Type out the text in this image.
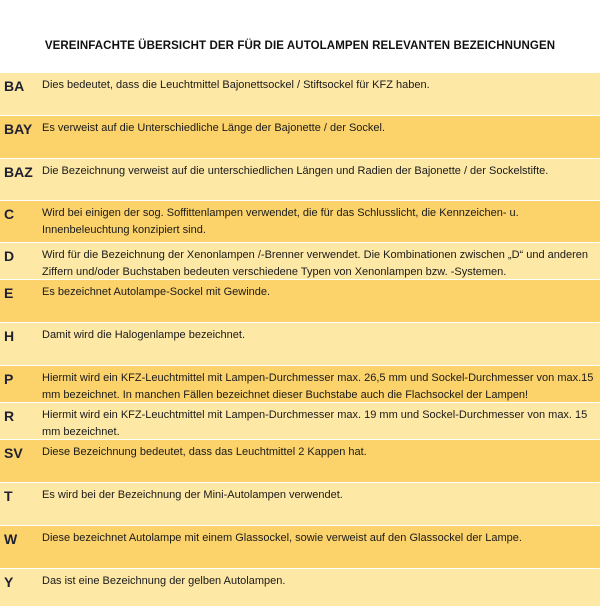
VEREINFACHTE ÜBERSICHT DER FÜR DIE AUTOLAMPEN RELEVANTEN BEZEICHNUNGEN
BA	Dies bedeutet, dass die Leuchtmittel Bajonettsockel / Stiftsockel für KFZ haben.
BAY Es verweist auf die Unterschiedliche Länge der Bajonette / der Sockel.
BAZ Die Bezeichnung verweist auf die unterschiedlichen Längen und Radien der Bajonette / der Sockelstifte.
C	Wird bei einigen der sog. Soffittenlampen verwendet, die für das Schlusslicht, die Kennzeichen- u. Innenbeleuchtung konzipiert sind.
D	Wird für die Bezeichnung der Xenonlampen /-Brenner verwendet. Die Kombinationen zwischen „D“ und anderen Ziffern und/oder Buchstaben bedeuten verschiedene Typen von Xenonlampen bzw. -Systemen.
E	Es bezeichnet Autolampe-Sockel mit Gewinde.
H	Damit wird die Halogenlampe bezeichnet.
P	Hiermit wird ein KFZ-Leuchtmittel mit Lampen-Durchmesser max. 26,5 mm und Sockel-Durchmesser von max.15 mm bezeichnet. In manchen Fällen bezeichnet dieser Buchstabe auch die Flachsockel der Lampen!
R	Hiermit wird ein KFZ-Leuchtmittel mit Lampen-Durchmesser max. 19 mm und Sockel-Durchmesser von max. 15 mm bezeichnet.
SV	Diese Bezeichnung bedeutet, dass das Leuchtmittel 2 Kappen hat.
T	Es wird bei der Bezeichnung der Mini-Autolampen verwendet.
W	Diese bezeichnet Autolampe mit einem Glassockel, sowie verweist auf den Glassockel der Lampe.
Y	Das ist eine Bezeichnung der gelben Autolampen.
